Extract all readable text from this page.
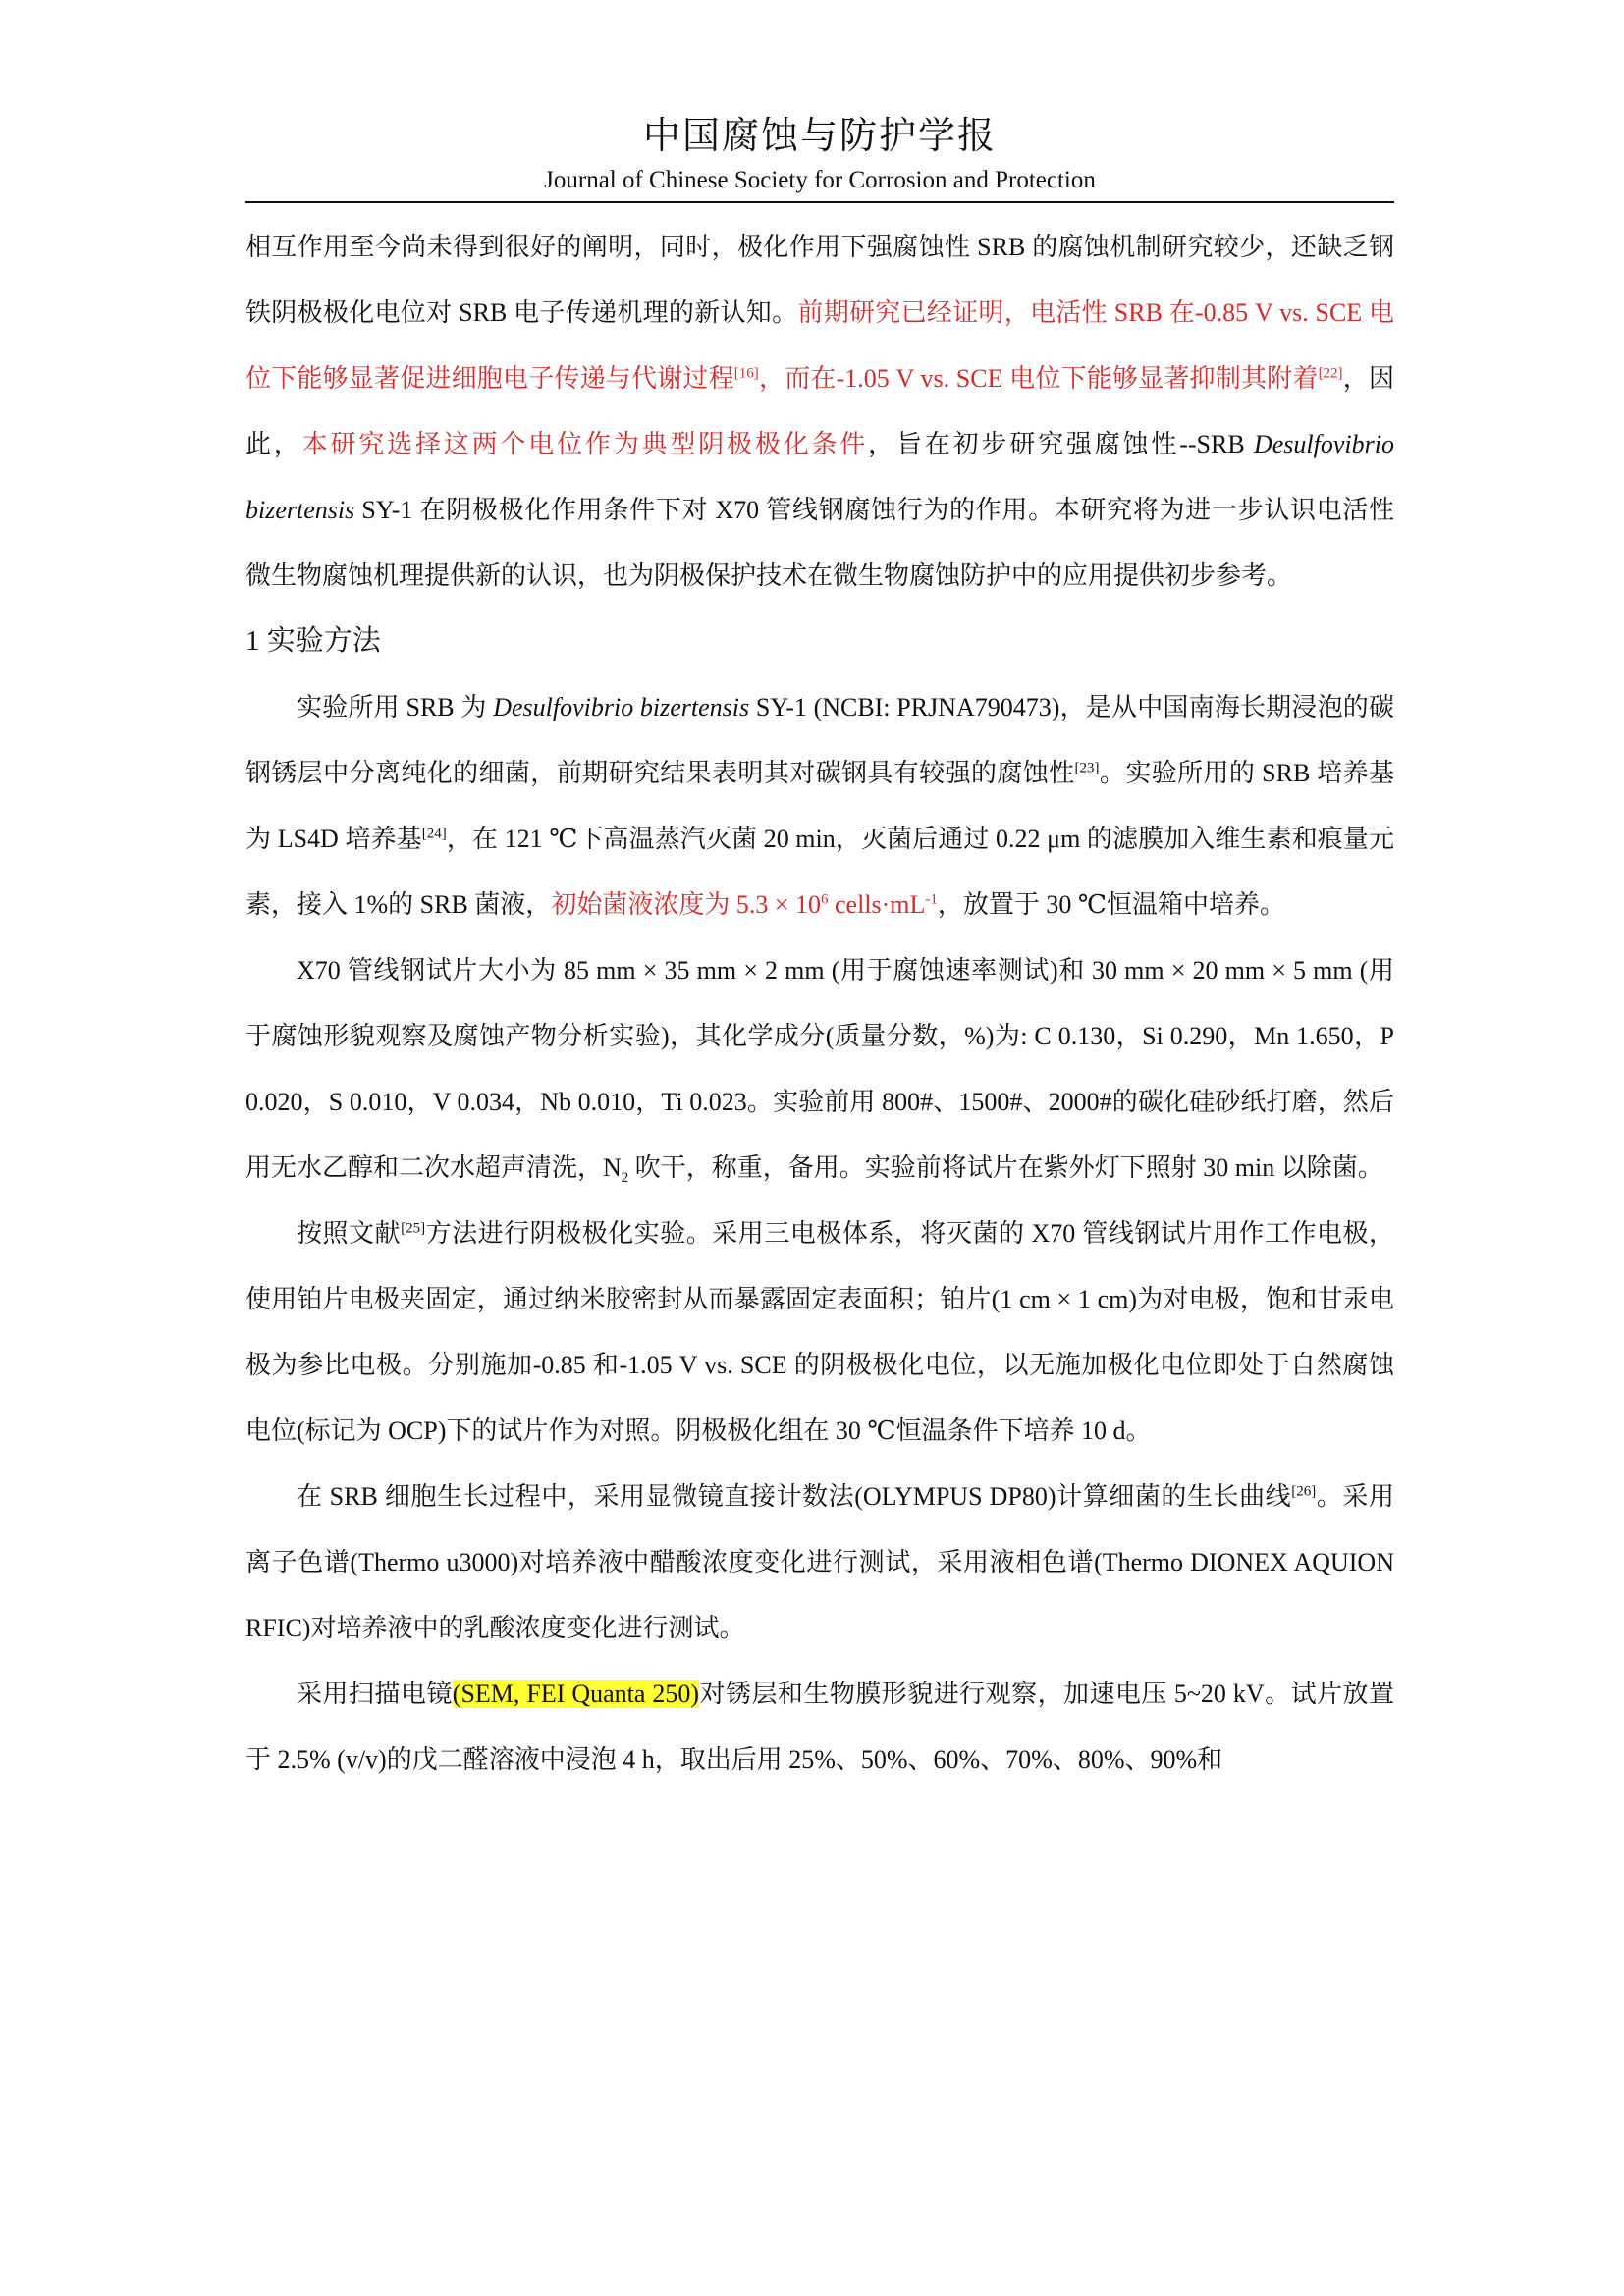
中国腐蚀与防护学报
Journal of Chinese Society for Corrosion and Protection

相互作用至今尚未得到很好的阐明，同时，极化作用下强腐蚀性 SRB 的腐蚀机制研究较少，还缺乏钢铁阴极极化电位对 SRB 电子传递机理的新认知。前期研究已经证明，电活性 SRB 在-0.85 V vs. SCE 电位下能够显著促进细胞电子传递与代谢过程[16]，而在-1.05 V vs. SCE 电位下能够显著抑制其附着[22]，因此，本研究选择这两个电位作为典型阴极极化条件，旨在初步研究强腐蚀性--SRB Desulfovibrio bizertensis SY-1 在阴极极化作用条件下对 X70 管线钢腐蚀行为的作用。本研究将为进一步认识电活性微生物腐蚀机理提供新的认识，也为阴极保护技术在微生物腐蚀防护中的应用提供初步参考。

1 实验方法

实验所用 SRB 为 Desulfovibrio bizertensis SY-1 (NCBI: PRJNA790473)，是从中国南海长期浸泡的碳钢锈层中分离纯化的细菌，前期研究结果表明其对碳钢具有较强的腐蚀性[23]。实验所用的 SRB 培养基为 LS4D 培养基[24]，在 121 ℃下高温蒸汽灭菌 20 min，灭菌后通过 0.22 μm 的滤膜加入维生素和痕量元素，接入 1%的 SRB 菌液，初始菌液浓度为 $5.3 \times 10^6$ $cells\cdot mL^{-1}$，放置于 30 ℃恒温箱中培养。

X70 管线钢试片大小为 85 mm × 35 mm × 2 mm (用于腐蚀速率测试)和 30 mm × 20 mm × 5 mm (用于腐蚀形貌观察及腐蚀产物分析实验)，其化学成分(质量分数，%)为: C 0.130，Si 0.290，Mn 1.650，P 0.020，S 0.010，V 0.034，Nb 0.010，Ti 0.023。实验前用 800#、1500#、2000#的碳化硅砂纸打磨，然后用无水乙醇和二次水超声清洗，$N_2$ 吹干，称重，备用。实验前将试片在紫外灯下照射 30 min 以除菌。

按照文献[25]方法进行阴极极化实验。采用三电极体系，将灭菌的 X70 管线钢试片用作工作电极，使用铂片电极夹固定，通过纳米胶密封从而暴露固定表面积；铂片(1 cm × 1 cm)为对电极，饱和甘汞电极为参比电极。分别施加-0.85 和-1.05 V vs. SCE 的阴极极化电位，以无施加极化电位即处于自然腐蚀电位(标记为 OCP)下的试片作为对照。阴极极化组在 30 ℃恒温条件下培养 10 d。

在 SRB 细胞生长过程中，采用显微镜直接计数法(OLYMPUS DP80)计算细菌的生长曲线[26]。采用离子色谱(Thermo u3000)对培养液中醋酸浓度变化进行测试，采用液相色谱(Thermo DIONEX AQUION RFIC)对培养液中的乳酸浓度变化进行测试。

采用扫描电镜(SEM, FEI Quanta 250)对锈层和生物膜形貌进行观察，加速电压 5~20 kV。试片放置于 2.5% (v/v)的戊二醛溶液中浸泡 4 h，取出后用 25%、50%、60%、70%、80%、90%和
